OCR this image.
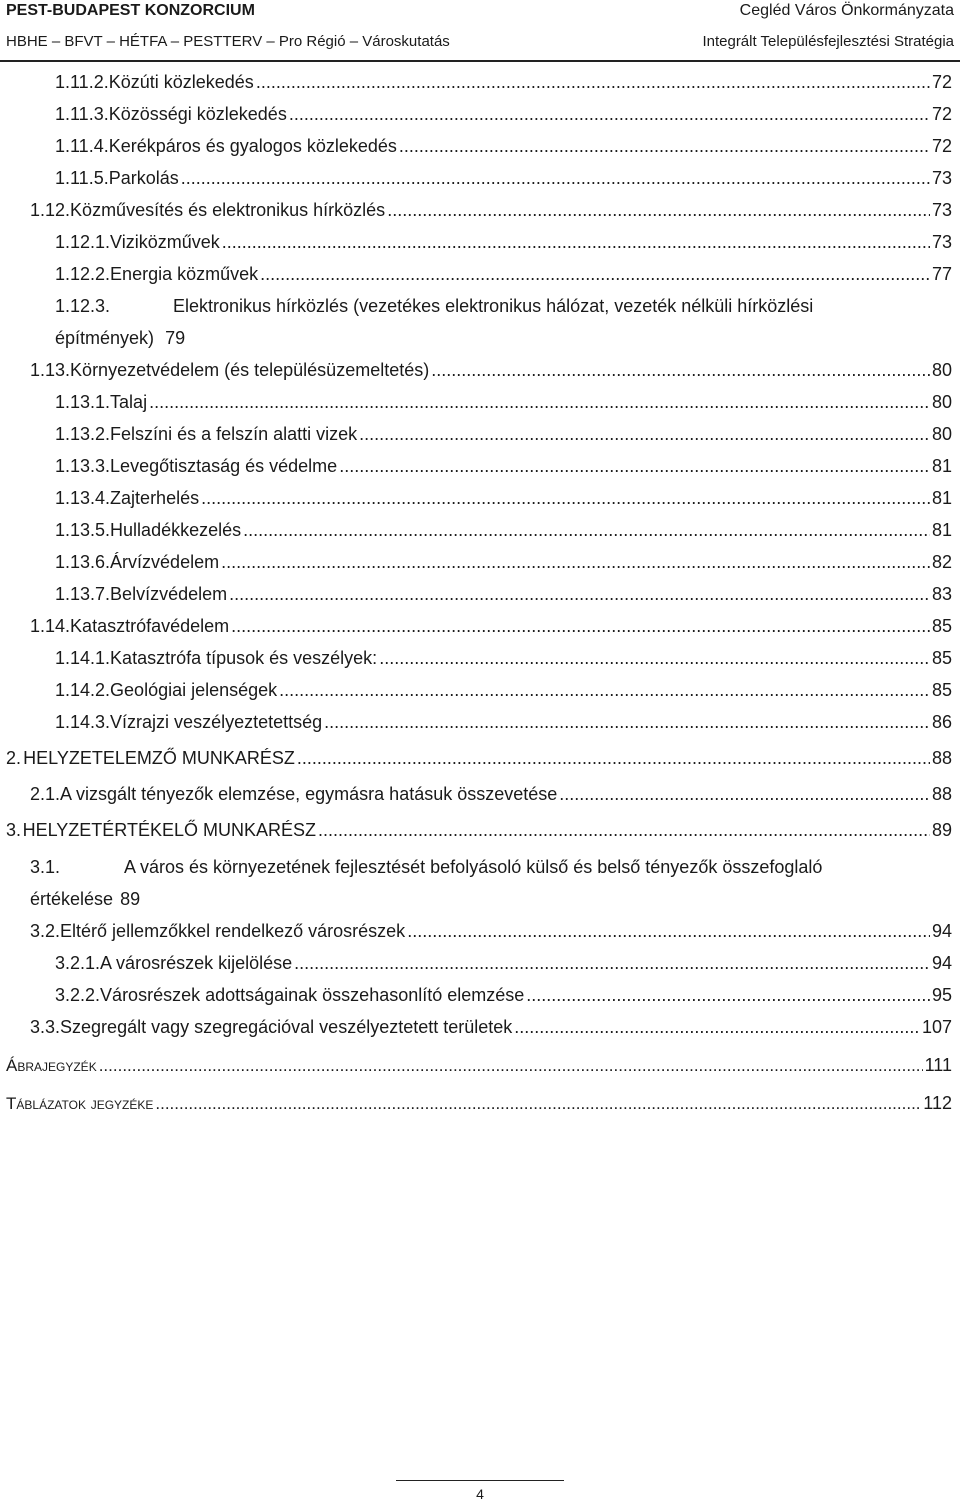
PEST-BUDAPEST KONZORCIUM	Cegléd Város Önkormányzata
HBHE – BFVT – HÉTFA – PESTTERV – Pro Régió – Városkutatás	Integrált Településfejlesztési Stratégia
1.11.2. Közúti közlekedés .....	72
1.11.3. Közösségi közlekedés .....	72
1.11.4. Kerékpáros és gyalogos közlekedés .....	72
1.11.5. Parkolás .....	73
1.12. Közművesítés és elektronikus hírközlés .....	73
1.12.1. Viziközművek .....	73
1.12.2. Energia közművek .....	77
1.12.3.	Elektronikus hírközlés (vezetékes elektronikus hálózat, vezeték nélküli hírközlési
építmények) 79
1.13. Környezetvédelem (és településüzemeltetés) .....	80
1.13.1. Talaj .....	80
1.13.2. Felszíni és a felszín alatti vizek .....	80
1.13.3. Levegőtisztaság és védelme .....	81
1.13.4. Zajterhelés .....	81
1.13.5. Hulladékkezelés .....	81
1.13.6. Árvízvédelem .....	82
1.13.7. Belvízvédelem .....	83
1.14. Katasztrófavédelem .....	85
1.14.1. Katasztrófa típusok és veszélyek: .....	85
1.14.2. Geológiai jelenségek .....	85
1.14.3. Vízrajzi veszélyeztetettség .....	86
2. HELYZETELEMZŐ MUNKARÉSZ .....	88
2.1. A vizsgált tényezők elemzése, egymásra hatásuk összevetése .....	88
3. HELYZETÉRTÉKELŐ MUNKARÉSZ .....	89
3.1.	A város és környezetének fejlesztését befolyásoló külső és belső tényezők összefoglaló
értékelése 89
3.2. Eltérő jellemzőkkel rendelkező városrészek .....	94
3.2.1. A városrészek kijelölése .....	94
3.2.2. Városrészek adottságainak összehasonlító elemzése .....	95
3.3. Szegregált vagy szegregációval veszélyeztetett területek .....	107
Ábrajegyzék .....	111
Táblázatok jegyzéke .....	112
4
